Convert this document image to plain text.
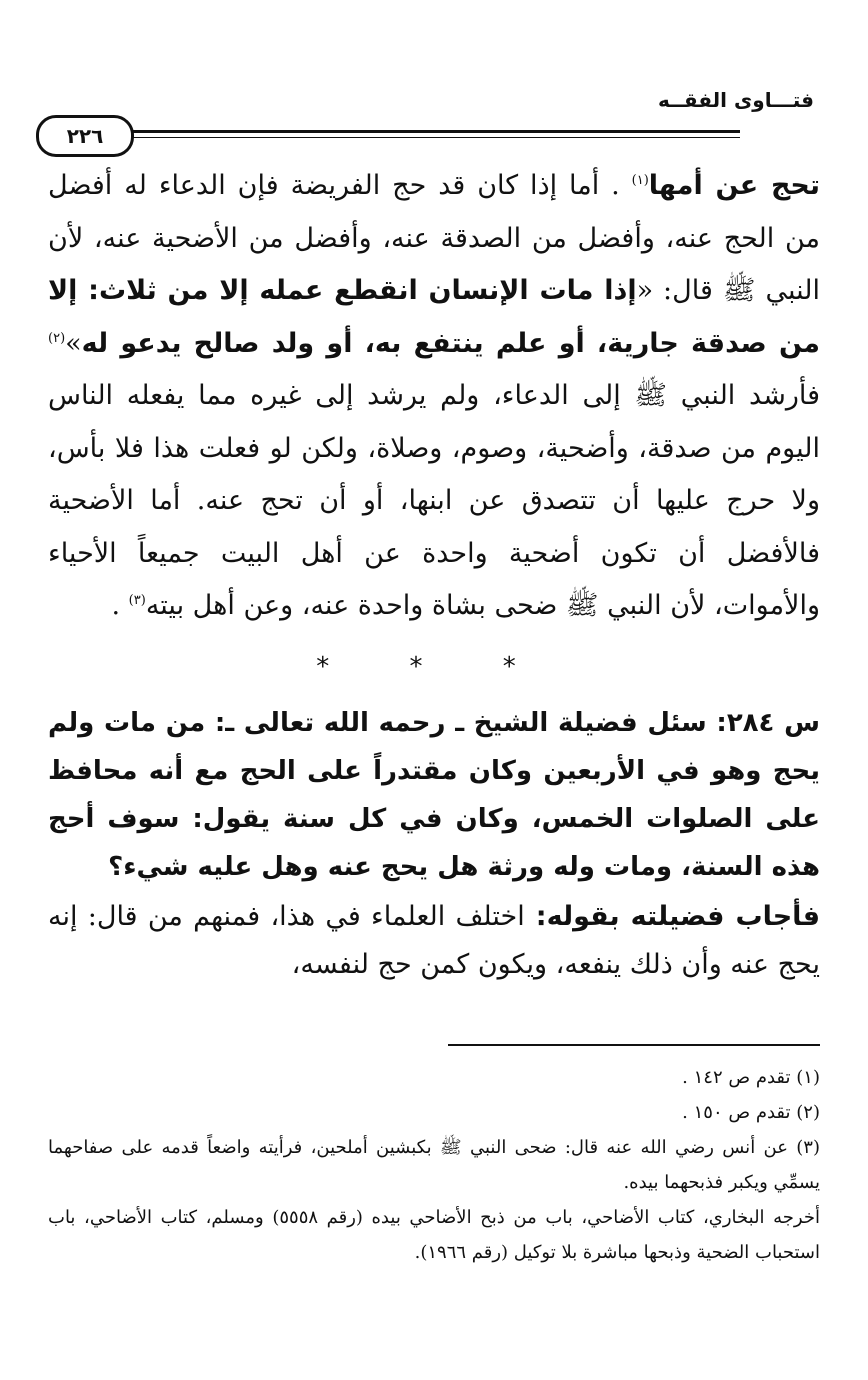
فتـــاوى الفقــه
٢٢٦

تحج عن أمها$^{(١)}$ . أما إذا كان قد حج الفريضة فإن الدعاء له أفضل من الحج عنه، وأفضل من الصدقة عنه، وأفضل من الأضحية عنه، لأن النبي ﷺ قال: «إذا مات الإنسان انقطع عمله إلا من ثلاث: إلا من صدقة جارية، أو علم ينتفع به، أو ولد صالح يدعو له»$^{(٢)}$ فأرشد النبي ﷺ إلى الدعاء، ولم يرشد إلى غيره مما يفعله الناس اليوم من صدقة، وأضحية، وصوم، وصلاة، ولكن لو فعلت هذا فلا بأس، ولا حرج عليها أن تتصدق عن ابنها، أو أن تحج عنه. أما الأضحية فالأفضل أن تكون أضحية واحدة عن أهل البيت جميعاً الأحياء والأموات، لأن النبي ﷺ ضحى بشاة واحدة عنه، وعن أهل بيته$^{(٣)}$ .

* * *

س ٢٨٤: سئل فضيلة الشيخ ـ رحمه الله تعالى ـ: من مات ولم يحج وهو في الأربعين وكان مقتدراً على الحج مع أنه محافظ على الصلوات الخمس، وكان في كل سنة يقول: سوف أحج هذه السنة، ومات وله ورثة هل يحج عنه وهل عليه شيء؟

فأجاب فضيلته بقوله: اختلف العلماء في هذا، فمنهم من قال: إنه يحج عنه وأن ذلك ينفعه، ويكون كمن حج لنفسه،

(١) تقدم ص ١٤٢ .

(٢) تقدم ص ١٥٠ .

(٣) عن أنس رضي الله عنه قال: ضحى النبي ﷺ بكبشين أملحين، فرأيته واضعاً قدمه على صفاحهما يسمِّي ويكبر فذبحهما بيده.

أخرجه البخاري، كتاب الأضاحي، باب من ذبح الأضاحي بيده (رقم ٥٥٥٨) ومسلم، كتاب الأضاحي، باب استحباب الضحية وذبحها مباشرة بلا توكيل (رقم ١٩٦٦).
